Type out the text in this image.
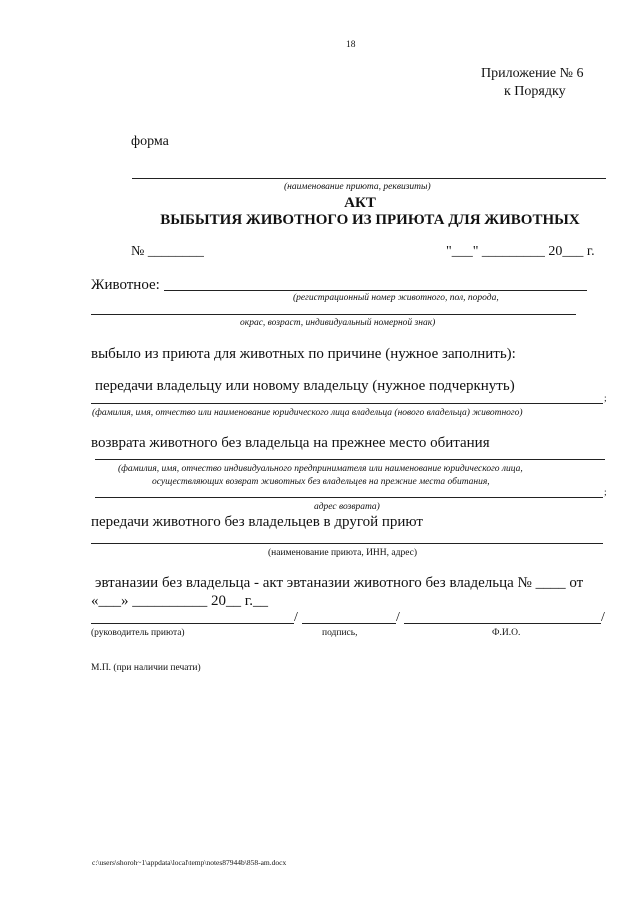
18
Приложение № 6
к Порядку
форма
(наименование приюта, реквизиты)
АКТ
ВЫБЫТИЯ ЖИВОТНОГО ИЗ ПРИЮТА ДЛЯ ЖИВОТНЫХ
№ ________	"___" _________ 20___ г.
Животное:
(регистрационный номер животного, пол, порода,
окрас, возраст, индивидуальный номерной знак)
выбыло из приюта для животных по причине (нужное заполнить):
передачи владельцу или новому владельцу (нужное подчеркнуть)
;
(фамилия, имя, отчество или наименование юридического лица владельца (нового владельца) животного)
возврата животного без владельца на прежнее место обитания
(фамилия, имя, отчество индивидуального предпринимателя или наименование юридического лица,
осуществляющих возврат животных без владельцев на прежние места обитания,
;
адрес возврата)
передачи животного без владельцев в другой приют
(наименование приюта, ИНН, адрес)
эвтаназии без владельца - акт эвтаназии животного без владельца № ____ от
«___» __________ 20__ г.__
/	/	/
(руководитель приюта)	подпись,	Ф.И.О.
М.П. (при наличии печати)
c:\users\shoroh~1\appdata\local\temp\notes87944b\858-am.docx
